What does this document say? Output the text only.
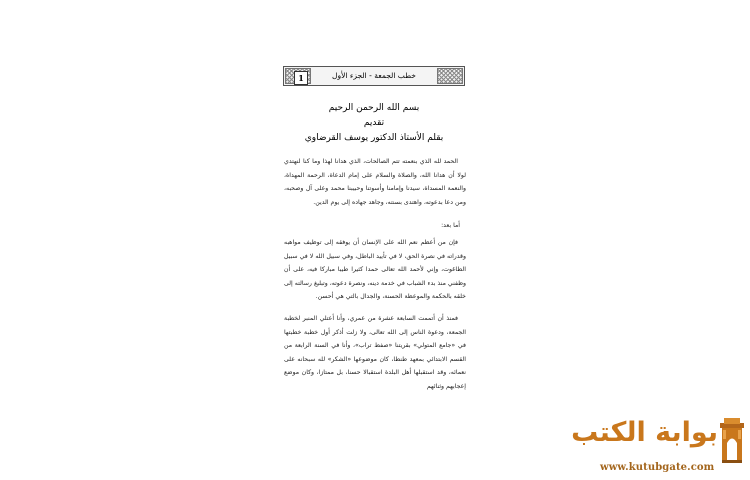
1	خطب الجمعة - الجزء الأول
بسم الله الرحمن الرحيم
تقديم
بقلم الأستاذ الدكتور يوسف القرضاوي

الحمد لله الذي بنعمته تتم الصالحات، الذي هدانا لهذا وما كنا لنهتدي لولا أن هدانا الله، والصلاة والسلام على إمام الدعاة، الرحمة المهداة، والنعمة المسداة، سيدنا وإمامنا وأسوتنا وحبيبنا محمد وعلى آل وصحبه، ومن دعا بدعوته، واهتدى بسنته، وجاهد جهاده إلى يوم الدين.

أما بعد:

فإن من أعظم نعم الله على الإنسان أن يوفقه إلى توظيف مواهبه وقدراته في نصرة الحق، لا في تأييد الباطل، وفي سبيل الله لا في سبيل الطاغوت، وإني لأحمد الله تعالى حمدا كثيرا طيبا مباركا فيه، على أن وظفني منذ بدء الشباب في خدمة دينه، ونصرة دعوته، وتبليغ رسالته إلى خلقه بالحكمة والموعظة الحسنة، والجدال بالتي هي أحسن.

فمنذ أن أتممت السابعة عشرة من عمري، وأنا أعتلي المنبر لخطبة الجمعة، ودعوة الناس إلى الله تعالى، ولا زلت أذكر أول خطبة خطبتها في «جامع المتولي» بقريتنا «صفط تراب»، وأنا في السنة الرابعة من القسم الابتدائي بمعهد طنطا، كان موضوعها «الشكر» لله سبحانه على نعمائه، وقد استقبلها أهل البلدة استقبالا حسنا، بل ممتازا، وكان موضع إعجابهم وثنائهم

بوابة الكتب
www.kutubgate.com
